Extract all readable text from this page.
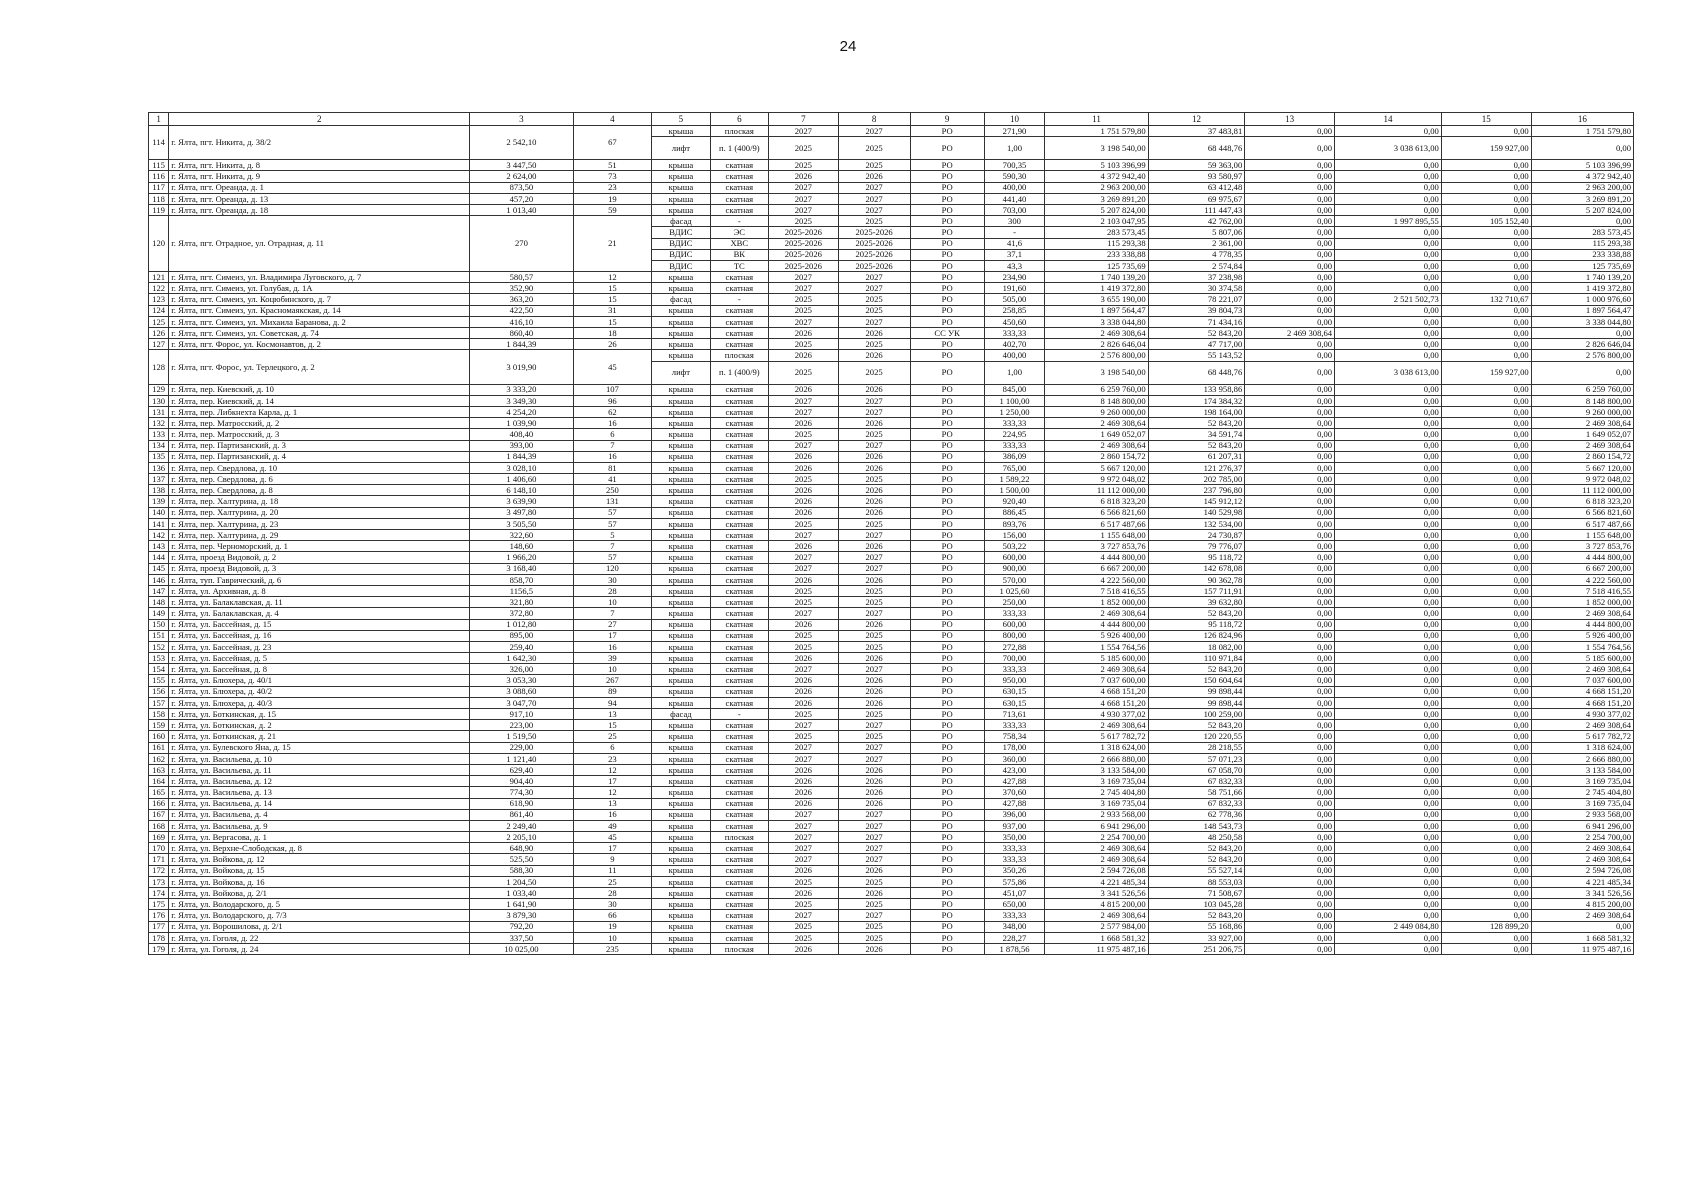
24
1	2	3	4	5	6	7	8	9	10	11	12	13	14	15	16
114	г. Ялта, пгт. Никита, д. 38/2	2 542,10	67	крыша	плоская	2027	2027	РО	271,90	1 751 579,80	37 483,81	0,00	0,00	0,00	1 751 579,80
				лифт	п. 1 (400/9)	2025	2025	РО	1,00	3 198 540,00	68 448,76	0,00	3 038 613,00	159 927,00	0,00
115	г. Ялта, пгт. Никита, д. 8	3 447,50	51	крыша	скатная	2025	2025	РО	700,35	5 103 396,99	59 363,00	0,00	0,00	0,00	5 103 396,99
116	г. Ялта, пгт. Никита, д. 9	2 624,00	73	крыша	скатная	2026	2026	РО	590,30	4 372 942,40	93 580,97	0,00	0,00	0,00	4 372 942,40
117	г. Ялта, пгт. Ореанда, д. 1	873,50	23	крыша	скатная	2027	2027	РО	400,00	2 963 200,00	63 412,48	0,00	0,00	0,00	2 963 200,00
118	г. Ялта, пгт. Ореанда, д. 13	457,20	19	крыша	скатная	2027	2027	РО	441,40	3 269 891,20	69 975,67	0,00	0,00	0,00	3 269 891,20
119	г. Ялта, пгт. Ореанда, д. 18	1 013,40	59	крыша	скатная	2027	2027	РО	703,00	5 207 824,00	111 447,43	0,00	0,00	0,00	5 207 824,00
120	г. Ялта, пгт. Отрадное, ул. Отрадная, д. 11	270	21	фасад	-	2025	2025	РО	300	2 103 047,95	42 762,00	0,00	1 997 895,55	105 152,40	0,00
				ВДИС	ЭС	2025-2026	2025-2026	РО	-	283 573,45	5 807,06	0,00	0,00	0,00	283 573,45
				ВДИС	ХВС	2025-2026	2025-2026	РО	41,6	115 293,38	2 361,00	0,00	0,00	0,00	115 293,38
				ВДИС	ВК	2025-2026	2025-2026	РО	37,1	233 338,88	4 778,35	0,00	0,00	0,00	233 338,88
				ВДИС	ТС	2025-2026	2025-2026	РО	43,3	125 735,69	2 574,84	0,00	0,00	0,00	125 735,69
121	г. Ялта, пгт. Симеиз, ул. Владимира Луговского, д. 7	580,57	12	крыша	скатная	2027	2027	РО	234,90	1 740 139,20	37 238,98	0,00	0,00	0,00	1 740 139,20
122	г. Ялта, пгт. Симеиз, ул. Голубая, д. 1А	352,90	15	крыша	скатная	2027	2027	РО	191,60	1 419 372,80	30 374,58	0,00	0,00	0,00	1 419 372,80
123	г. Ялта, пгт. Симеиз, ул. Коцюбинского, д. 7	363,20	15	фасад	-	2025	2025	РО	505,00	3 655 190,00	78 221,07	0,00	2 521 502,73	132 710,67	1 000 976,60
124	г. Ялта, пгт. Симеиз, ул. Красномаякская, д. 14	422,50	31	крыша	скатная	2025	2025	РО	258,85	1 897 564,47	39 804,73	0,00	0,00	0,00	1 897 564,47
125	г. Ялта, пгт. Симеиз, ул. Михаила Баранова, д. 2	416,10	15	крыша	скатная	2027	2027	РО	450,60	3 338 044,80	71 434,16	0,00	0,00	0,00	3 338 044,80
126	г. Ялта, пгт. Симеиз, ул. Советская, д. 74	860,40	18	крыша	скатная	2026	2026	СС УК	333,33	2 469 308,64	52 843,20	2 469 308,64	0,00	0,00	0,00
127	г. Ялта, пгт. Форос, ул. Космонавтов, д. 2	1 844,39	26	крыша	скатная	2025	2025	РО	402,70	2 826 646,04	47 717,00	0,00	0,00	0,00	2 826 646,04
128	г. Ялта, пгт. Форос, ул. Терлецкого, д. 2	3 019,90	45	крыша	плоская	2026	2026	РО	400,00	2 576 800,00	55 143,52	0,00	0,00	0,00	2 576 800,00
				лифт	п. 1 (400/9)	2025	2025	РО	1,00	3 198 540,00	68 448,76	0,00	3 038 613,00	159 927,00	0,00
129	г. Ялта, пер. Киевский, д. 10	3 333,20	107	крыша	скатная	2026	2026	РО	845,00	6 259 760,00	133 958,86	0,00	0,00	0,00	6 259 760,00
130	г. Ялта, пер. Киевский, д. 14	3 349,30	96	крыша	скатная	2027	2027	РО	1 100,00	8 148 800,00	174 384,32	0,00	0,00	0,00	8 148 800,00
131	г. Ялта, пер. Либкнехта Карла, д. 1	4 254,20	62	крыша	скатная	2027	2027	РО	1 250,00	9 260 000,00	198 164,00	0,00	0,00	0,00	9 260 000,00
132	г. Ялта, пер. Матросский, д. 2	1 039,90	16	крыша	скатная	2026	2026	РО	333,33	2 469 308,64	52 843,20	0,00	0,00	0,00	2 469 308,64
133	г. Ялта, пер. Матросский, д. 3	408,40	6	крыша	скатная	2025	2025	РО	224,95	1 649 052,07	34 591,74	0,00	0,00	0,00	1 649 052,07
134	г. Ялта, пер. Партизанский, д. 3	393,00	7	крыша	скатная	2027	2027	РО	333,33	2 469 308,64	52 843,20	0,00	0,00	0,00	2 469 308,64
135	г. Ялта, пер. Партизанский, д. 4	1 844,39	16	крыша	скатная	2026	2026	РО	386,09	2 860 154,72	61 207,31	0,00	0,00	0,00	2 860 154,72
136	г. Ялта, пер. Свердлова, д. 10	3 028,10	81	крыша	скатная	2026	2026	РО	765,00	5 667 120,00	121 276,37	0,00	0,00	0,00	5 667 120,00
137	г. Ялта, пер. Свердлова, д. 6	1 406,60	41	крыша	скатная	2025	2025	РО	1 589,22	9 972 048,02	202 785,00	0,00	0,00	0,00	9 972 048,02
138	г. Ялта, пер. Свердлова, д. 8	6 148,10	250	крыша	скатная	2026	2026	РО	1 500,00	11 112 000,00	237 796,80	0,00	0,00	0,00	11 112 000,00
139	г. Ялта, пер. Халтурина, д. 18	3 639,90	131	крыша	скатная	2026	2026	РО	920,40	6 818 323,20	145 912,12	0,00	0,00	0,00	6 818 323,20
140	г. Ялта, пер. Халтурина, д. 20	3 497,80	57	крыша	скатная	2026	2026	РО	886,45	6 566 821,60	140 529,98	0,00	0,00	0,00	6 566 821,60
141	г. Ялта, пер. Халтурина, д. 23	3 505,50	57	крыша	скатная	2025	2025	РО	893,76	6 517 487,66	132 534,00	0,00	0,00	0,00	6 517 487,66
142	г. Ялта, пер. Халтурина, д. 29	322,60	5	крыша	скатная	2027	2027	РО	156,00	1 155 648,00	24 730,87	0,00	0,00	0,00	1 155 648,00
143	г. Ялта, пер. Черноморский, д. 1	148,60	7	крыша	скатная	2026	2026	РО	503,22	3 727 853,76	79 776,07	0,00	0,00	0,00	3 727 853,76
144	г. Ялта, проезд Видовой, д. 2	1 966,20	57	крыша	скатная	2027	2027	РО	600,00	4 444 800,00	95 118,72	0,00	0,00	0,00	4 444 800,00
145	г. Ялта, проезд Видовой, д. 3	3 168,40	120	крыша	скатная	2027	2027	РО	900,00	6 667 200,00	142 678,08	0,00	0,00	0,00	6 667 200,00
146	г. Ялта, туп. Гаврический, д. 6	858,70	30	крыша	скатная	2026	2026	РО	570,00	4 222 560,00	90 362,78	0,00	0,00	0,00	4 222 560,00
147	г. Ялта, ул. Архивная, д. 8	1156,5	28	крыша	скатная	2025	2025	РО	1 025,60	7 518 416,55	157 711,91	0,00	0,00	0,00	7 518 416,55
148	г. Ялта, ул. Балаклавская, д. 11	321,80	10	крыша	скатная	2025	2025	РО	250,00	1 852 000,00	39 632,80	0,00	0,00	0,00	1 852 000,00
149	г. Ялта, ул. Балаклавская, д. 4	372,80	7	крыша	скатная	2027	2027	РО	333,33	2 469 308,64	52 843,20	0,00	0,00	0,00	2 469 308,64
150	г. Ялта, ул. Бассейная, д. 15	1 012,80	27	крыша	скатная	2026	2026	РО	600,00	4 444 800,00	95 118,72	0,00	0,00	0,00	4 444 800,00
151	г. Ялта, ул. Бассейная, д. 16	895,00	17	крыша	скатная	2025	2025	РО	800,00	5 926 400,00	126 824,96	0,00	0,00	0,00	5 926 400,00
152	г. Ялта, ул. Бассейная, д. 23	259,40	16	крыша	скатная	2025	2025	РО	272,88	1 554 764,56	18 082,00	0,00	0,00	0,00	1 554 764,56
153	г. Ялта, ул. Бассейная, д. 5	1 642,30	39	крыша	скатная	2026	2026	РО	700,00	5 185 600,00	110 971,84	0,00	0,00	0,00	5 185 600,00
154	г. Ялта, ул. Бассейная, д. 8	326,00	10	крыша	скатная	2027	2027	РО	333,33	2 469 308,64	52 843,20	0,00	0,00	0,00	2 469 308,64
155	г. Ялта, ул. Блюхера, д. 40/1	3 053,30	267	крыша	скатная	2026	2026	РО	950,00	7 037 600,00	150 604,64	0,00	0,00	0,00	7 037 600,00
156	г. Ялта, ул. Блюхера, д. 40/2	3 088,60	89	крыша	скатная	2026	2026	РО	630,15	4 668 151,20	99 898,44	0,00	0,00	0,00	4 668 151,20
157	г. Ялта, ул. Блюхера, д. 40/3	3 047,70	94	крыша	скатная	2026	2026	РО	630,15	4 668 151,20	99 898,44	0,00	0,00	0,00	4 668 151,20
158	г. Ялта, ул. Боткинская, д. 15	917,10	13	фасад	-	2025	2025	РО	713,61	4 930 377,02	100 259,00	0,00	0,00	0,00	4 930 377,02
159	г. Ялта, ул. Боткинская, д. 2	223,00	15	крыша	скатная	2027	2027	РО	333,33	2 469 308,64	52 843,20	0,00	0,00	0,00	2 469 308,64
160	г. Ялта, ул. Боткинская, д. 21	1 519,50	25	крыша	скатная	2025	2025	РО	758,34	5 617 782,72	120 220,55	0,00	0,00	0,00	5 617 782,72
161	г. Ялта, ул. Булевского Яна, д. 15	229,00	6	крыша	скатная	2027	2027	РО	178,00	1 318 624,00	28 218,55	0,00	0,00	0,00	1 318 624,00
162	г. Ялта, ул. Васильева, д. 10	1 121,40	23	крыша	скатная	2027	2027	РО	360,00	2 666 880,00	57 071,23	0,00	0,00	0,00	2 666 880,00
163	г. Ялта, ул. Васильева, д. 11	629,40	12	крыша	скатная	2026	2026	РО	423,00	3 133 584,00	67 058,70	0,00	0,00	0,00	3 133 584,00
164	г. Ялта, ул. Васильева, д. 12	904,40	17	крыша	скатная	2026	2026	РО	427,88	3 169 735,04	67 832,33	0,00	0,00	0,00	3 169 735,04
165	г. Ялта, ул. Васильева, д. 13	774,30	12	крыша	скатная	2026	2026	РО	370,60	2 745 404,80	58 751,66	0,00	0,00	0,00	2 745 404,80
166	г. Ялта, ул. Васильева, д. 14	618,90	13	крыша	скатная	2026	2026	РО	427,88	3 169 735,04	67 832,33	0,00	0,00	0,00	3 169 735,04
167	г. Ялта, ул. Васильева, д. 4	861,40	16	крыша	скатная	2027	2027	РО	396,00	2 933 568,00	62 778,36	0,00	0,00	0,00	2 933 568,00
168	г. Ялта, ул. Васильева, д. 9	2 249,40	49	крыша	скатная	2027	2027	РО	937,00	6 941 296,00	148 543,73	0,00	0,00	0,00	6 941 296,00
169	г. Ялта, ул. Вергасова, д. 1	2 205,10	45	крыша	плоская	2027	2027	РО	350,00	2 254 700,00	48 250,58	0,00	0,00	0,00	2 254 700,00
170	г. Ялта, ул. Верхне-Слободская, д. 8	648,90	17	крыша	скатная	2027	2027	РО	333,33	2 469 308,64	52 843,20	0,00	0,00	0,00	2 469 308,64
171	г. Ялта, ул. Войкова, д. 12	525,50	9	крыша	скатная	2027	2027	РО	333,33	2 469 308,64	52 843,20	0,00	0,00	0,00	2 469 308,64
172	г. Ялта, ул. Войкова, д. 15	588,30	11	крыша	скатная	2026	2026	РО	350,26	2 594 726,08	55 527,14	0,00	0,00	0,00	2 594 726,08
173	г. Ялта, ул. Войкова, д. 16	1 204,50	25	крыша	скатная	2025	2025	РО	575,86	4 221 485,34	88 553,03	0,00	0,00	0,00	4 221 485,34
174	г. Ялта, ул. Войкова, д. 2/1	1 033,40	28	крыша	скатная	2026	2026	РО	451,07	3 341 526,56	71 508,67	0,00	0,00	0,00	3 341 526,56
175	г. Ялта, ул. Володарского, д. 5	1 641,90	30	крыша	скатная	2025	2025	РО	650,00	4 815 200,00	103 045,28	0,00	0,00	0,00	4 815 200,00
176	г. Ялта, ул. Володарского, д. 7/3	3 879,30	66	крыша	скатная	2027	2027	РО	333,33	2 469 308,64	52 843,20	0,00	0,00	0,00	2 469 308,64
177	г. Ялта, ул. Ворошилова, д. 2/1	792,20	19	крыша	скатная	2025	2025	РО	348,00	2 577 984,00	55 168,86	0,00	2 449 084,80	128 899,20	0,00
178	г. Ялта, ул. Гоголя, д. 22	337,50	10	крыша	скатная	2025	2025	РО	228,27	1 668 581,32	33 927,00	0,00	0,00	0,00	1 668 581,32
179	г. Ялта, ул. Гоголя, д. 24	10 025,00	235	крыша	плоская	2026	2026	РО	1 878,56	11 975 487,16	251 206,75	0,00	0,00	0,00	11 975 487,16
